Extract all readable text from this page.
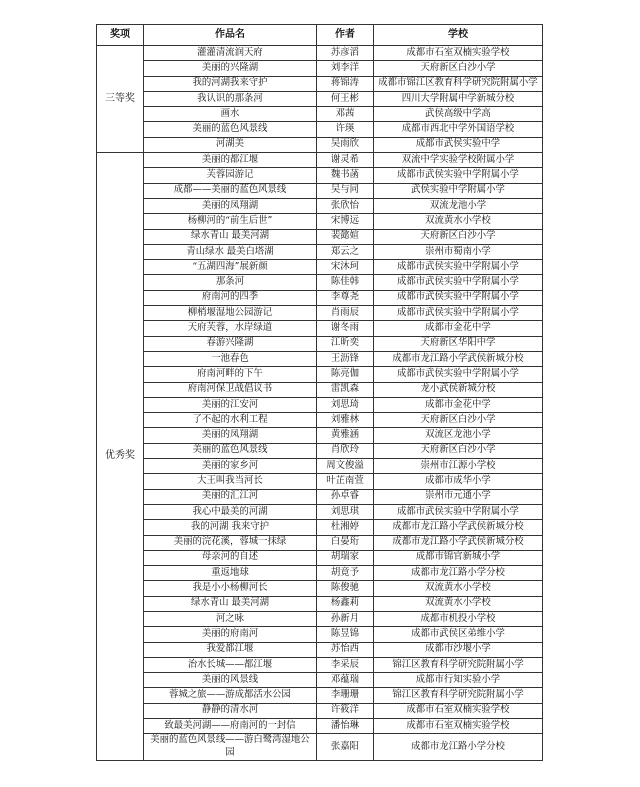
奖项	作品名	作者	学校
三等奖	灌灌清流润天府	苏彦滔	成都市石室双楠实验学校
	美丽的兴隆湖	刘李洋	天府新区白沙小学
	我的河湖我来守护	蒋锦涛	成都市锦江区教育科学研究院附属小学
	我认识的那条河	何王彬	四川大学附属中学新城分校
	画水	邓茜	武侯高级中学高
	美丽的蓝色风景线	许瑛	成都市西北中学外国语学校
	河湖美	吴雨欣	成都市武侯实验中学
优秀奖	美丽的都江堰	谢灵希	双流中学实验学校附属小学
	芙蓉园游记	魏书菡	成都市武侯实验中学附属小学
	成都——美丽的蓝色风景线	吴与同	武侯实验中学附属小学
	美丽的凤翔湖	张欣怡	双流龙池小学
	杨柳河的“前生后世”	宋博远	双流黄水小学校
	绿水青山 最美河湖	裴懿媗	天府新区白沙小学
	青山绿水 最美白塔湖	郑云之	崇州市蜀南小学
	“五湖四海”展新颜	宋沐珂	成都市武侯实验中学附属小学
	那条河	陈佳韩	成都市武侯实验中学附属小学
	府南河的四季	李尊尧	成都市武侯实验中学附属小学
	柳梢堰湿地公园游记	肖雨辰	成都市武侯实验中学附属小学
	天府芙蓉，水岸绿道	谢冬雨	成都市金花中学
	春游兴隆湖	江昕奕	天府新区华阳中学
	一池春色	王沥锋	成都市龙江路小学武侯新城分校
	府南河畔的下午	陈亮伽	成都市武侯实验中学附属小学
	府南河保卫战倡议书	雷凯森	龙小武侯新城分校
	美丽的江安河	刘思琦	成都市金花中学
	了不起的水利工程	刘雅林	天府新区白沙小学
	美丽的凤翔湖	黄雅涵	双流区龙池小学
	美丽的蓝色风景线	肖欣玲	天府新区白沙小学
	美丽的家乡河	周文俊溢	崇州市江源小学校
	大王叫我当河长	叶芷南萱	成都市成华小学
	美丽的汇江河	孙卓睿	崇州市元通小学
	我心中最美的河湖	刘思琪	成都市武侯实验中学附属小学
	我的河湖 我来守护	杜湘婷	成都市龙江路小学武侯新城分校
	美丽的浣花溪，蓉城一抹绿	白晏珩	成都市龙江路小学武侯新城分校
	母亲河的自述	胡瑞家	成都市锦官新城小学
	重返地球	胡竟予	成都市龙江路小学分校
	我是小小杨柳河长	陈俊驰	双流黄水小学校
	绿水青山 最美河湖	杨鑫莉	双流黄水小学校
	河之咏	孙新月	成都市机投小学校
	美丽的府南河	陈昱锦	成都市武侯区弟维小学
	我爱都江堰	苏怡西	成都市沙堰小学
	治水长城——都江堰	李采辰	锦江区教育科学研究院附属小学
	美丽的风景线	邓蕴瑞	成都市行知实验小学
	蓉城之旅——游成都活水公园	李珊珊	锦江区教育科学研究院附属小学
	静静的清水河	许筱洋	成都市石室双楠实验学校
	致最美河湖——府南河的一封信	潘怡琳	成都市石室双楠实验学校
	美丽的蓝色风景线——游白鹭湾湿地公园	张嘉阳	成都市龙江路小学分校
